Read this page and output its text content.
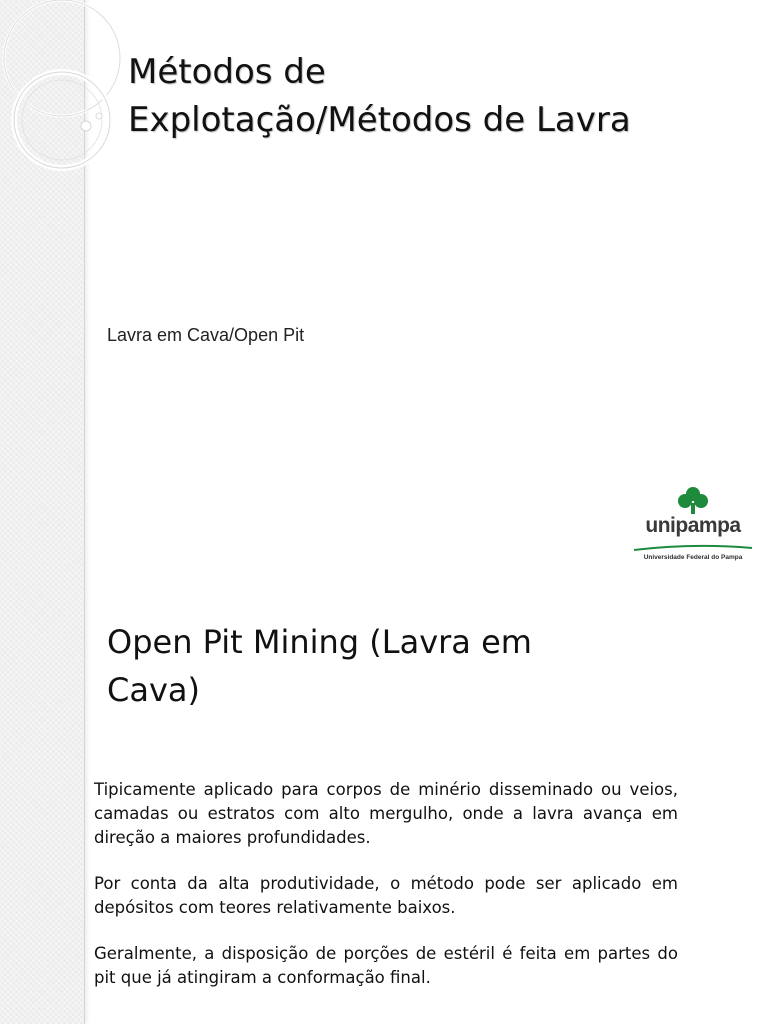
Métodos de
Explotação/Métodos de Lavra
Lavra em Cava/Open Pit
unipampa
Universidade Federal do Pampa
Open Pit Mining (Lavra em
Cava)

Tipicamente aplicado para corpos de minério disseminado ou veios, camadas ou estratos com alto mergulho, onde a lavra avança em direção a maiores profundidades.

Por conta da alta produtividade, o método pode ser aplicado em depósitos com teores relativamente baixos.

Geralmente, a disposição de porções de estéril é feita em partes do pit que já atingiram a conformação final.
